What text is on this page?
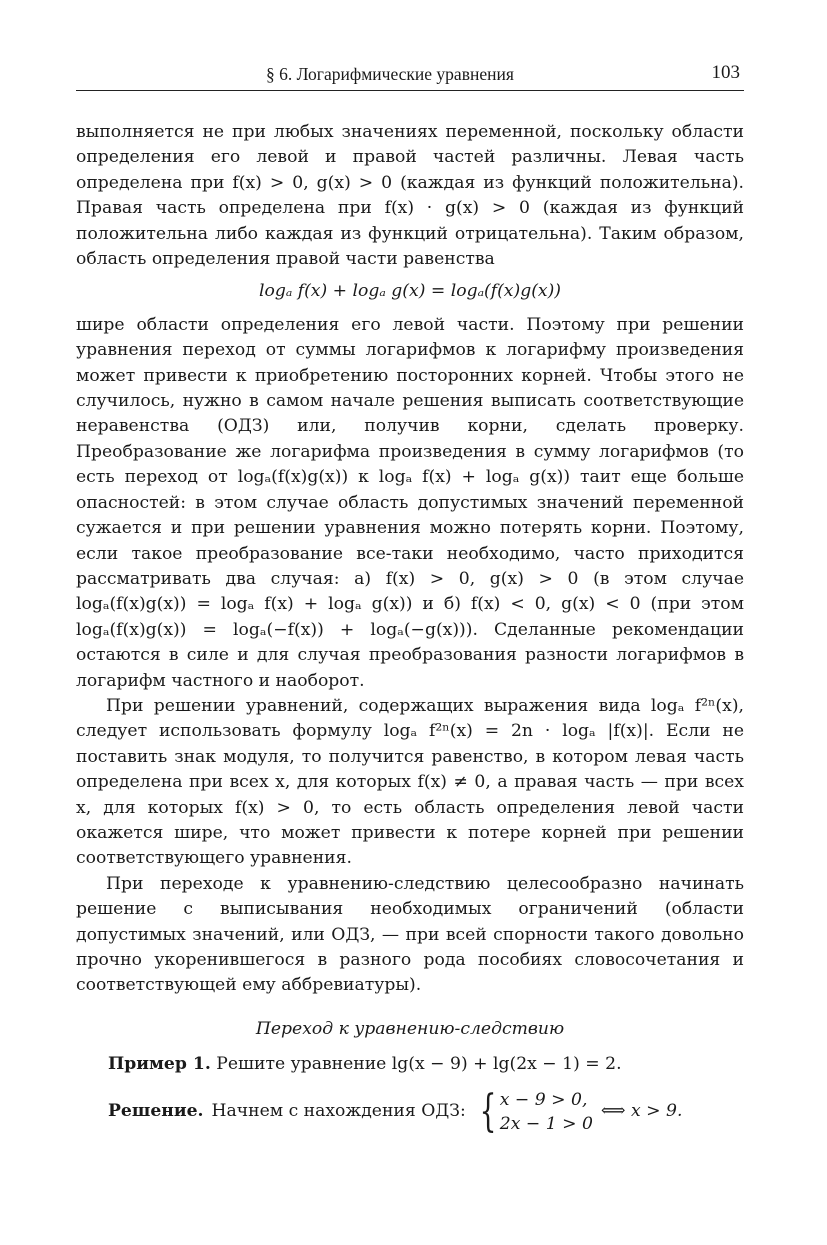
§ 6. Логарифмические уравнения	103

выполняется не при любых значениях переменной, поскольку области определения его левой и правой частей различны. Левая часть определена при f(x) > 0, g(x) > 0 (каждая из функций положительна). Правая часть определена при f(x) · g(x) > 0 (каждая из функций положительна либо каждая из функций отрицательна). Таким образом, область определения правой части равенства

logₐ f(x) + logₐ g(x) = logₐ(f(x)g(x))

шире области определения его левой части. Поэтому при решении уравнения переход от суммы логарифмов к логарифму произведения может привести к приобретению посторонних корней. Чтобы этого не случилось, нужно в самом начале решения выписать соответствующие неравенства (ОДЗ) или, получив корни, сделать проверку. Преобразование же логарифма произведения в сумму логарифмов (то есть переход от logₐ(f(x)g(x)) к logₐ f(x) + logₐ g(x)) таит еще больше опасностей: в этом случае область допустимых значений переменной сужается и при решении уравнения можно потерять корни. Поэтому, если такое преобразование все-таки необходимо, часто приходится рассматривать два случая: а) f(x) > 0, g(x) > 0 (в этом случае logₐ(f(x)g(x)) = logₐ f(x) + logₐ g(x)) и б) f(x) < 0, g(x) < 0 (при этом logₐ(f(x)g(x)) = logₐ(−f(x)) + logₐ(−g(x))). Сделанные рекомендации остаются в силе и для случая преобразования разности логарифмов в логарифм частного и наоборот.

При решении уравнений, содержащих выражения вида logₐ f²ⁿ(x), следует использовать формулу logₐ f²ⁿ(x) = 2n · logₐ |f(x)|. Если не поставить знак модуля, то получится равенство, в котором левая часть определена при всех x, для которых f(x) ≠ 0, а правая часть — при всех x, для которых f(x) > 0, то есть область определения левой части окажется шире, что может привести к потере корней при решении соответствующего уравнения.

При переходе к уравнению-следствию целесообразно начинать решение с выписывания необходимых ограничений (области допустимых значений, или ОДЗ, — при всей спорности такого довольно прочно укоренившегося в разного рода пособиях словосочетания и соответствующей ему аббревиатуры).

Переход к уравнению-следствию

Пример 1. Решите уравнение lg(x − 9) + lg(2x − 1) = 2.

Решение. Начнем с нахождения ОДЗ: { x − 9 > 0,
2x − 1 > 0
⟺ x > 9.
